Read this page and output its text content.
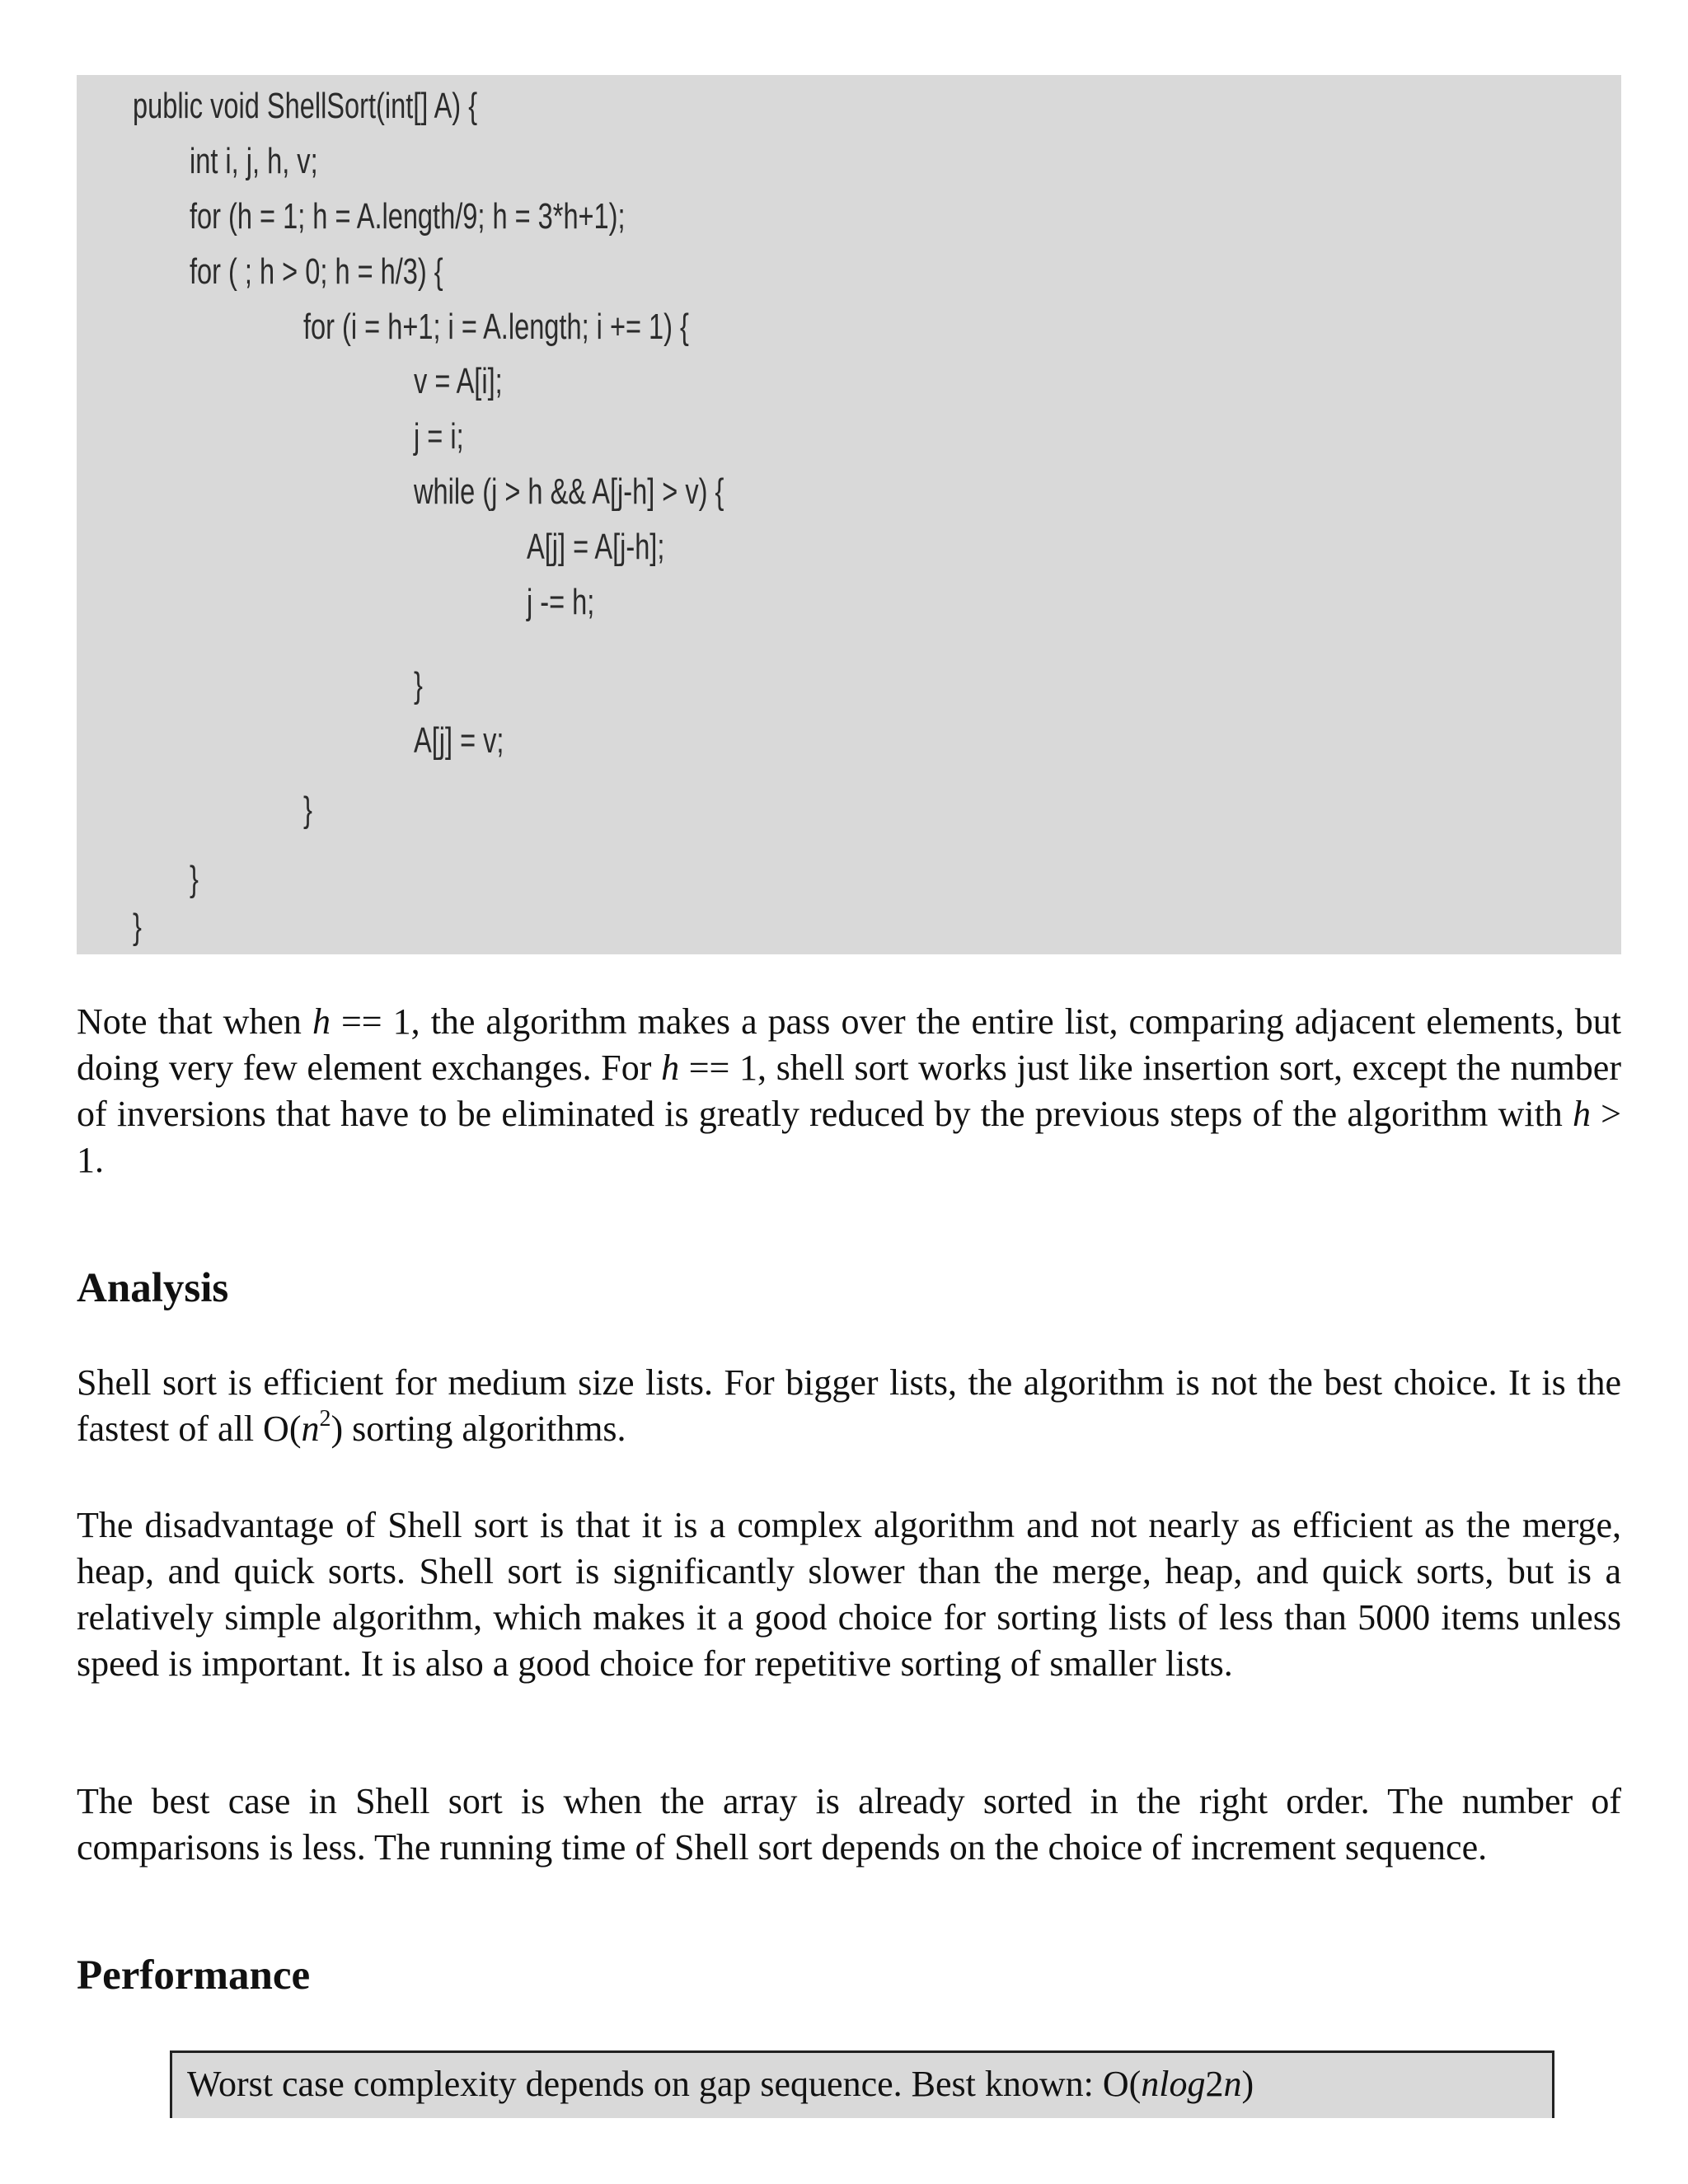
public void ShellSort(int[] A) {
int i, j, h, v;
for (h = 1; h = A.length/9; h = 3*h+1);
for ( ; h > 0; h = h/3) {
for (i = h+1; i = A.length; i += 1) {
v = A[i];
j = i;
while (j > h && A[j-h] > v) {
A[j] = A[j-h];
j -= h;
}
A[j] = v;
}
}
}

Note that when h == 1, the algorithm makes a pass over the entire list, comparing adjacent elements, but doing very few element exchanges. For h == 1, shell sort works just like insertion sort, except the number of inversions that have to be eliminated is greatly reduced by the previous steps of the algorithm with h > 1.

Analysis

Shell sort is efficient for medium size lists. For bigger lists, the algorithm is not the best choice. It is the fastest of all $O(n^2)$ sorting algorithms.

The disadvantage of Shell sort is that it is a complex algorithm and not nearly as efficient as the merge, heap, and quick sorts. Shell sort is significantly slower than the merge, heap, and quick sorts, but is a relatively simple algorithm, which makes it a good choice for sorting lists of less than 5000 items unless speed is important. It is also a good choice for repetitive sorting of smaller lists.

The best case in Shell sort is when the array is already sorted in the right order. The number of comparisons is less. The running time of Shell sort depends on the choice of increment sequence.

Performance
Worst case complexity depends on gap sequence. Best known: O(nlog2n)
